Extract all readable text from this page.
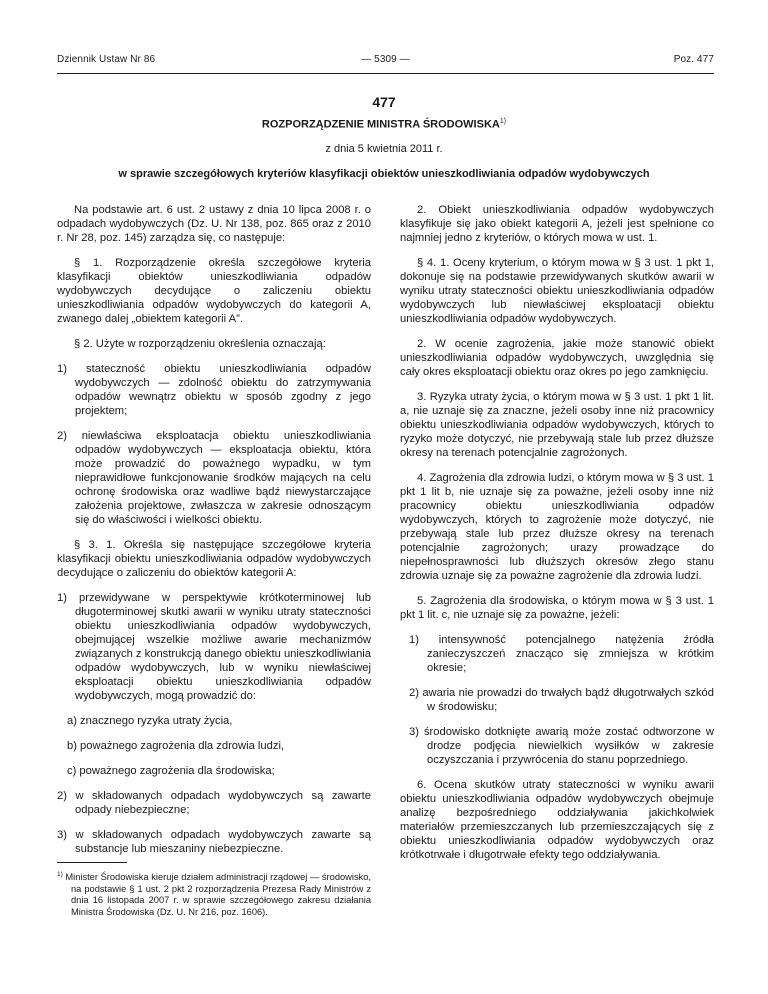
Dziennik Ustaw Nr 86	— 5309 —	Poz. 477
477
ROZPORZĄDZENIE MINISTRA ŚRODOWISKA$^{1)}$
z dnia 5 kwietnia 2011 r.
w sprawie szczegółowych kryteriów klasyfikacji obiektów unieszkodliwiania odpadów wydobywczych

Na podstawie art. 6 ust. 2 ustawy z dnia 10 lipca 2008 r. o odpadach wydobywczych (Dz. U. Nr 138, poz. 865 oraz z 2010 r. Nr 28, poz. 145) zarządza się, co następuje:

§ 1. Rozporządzenie określa szczegółowe kryteria klasyfikacji obiektów unieszkodliwiania odpadów wydobywczych decydujące o zaliczeniu obiektu unieszkodliwiania odpadów wydobywczych do kategorii A, zwanego dalej „obiektem kategorii A”.

§ 2. Użyte w rozporządzeniu określenia oznaczają:

1) stateczność obiektu unieszkodliwiania odpadów wydobywczych — zdolność obiektu do zatrzymywania odpadów wewnątrz obiektu w sposób zgodny z jego projektem;

2) niewłaściwa eksploatacja obiektu unieszkodliwiania odpadów wydobywczych — eksploatacja obiektu, która może prowadzić do poważnego wypadku, w tym nieprawidłowe funkcjonowanie środków mających na celu ochronę środowiska oraz wadliwe bądź niewystarczające założenia projektowe, zwłaszcza w zakresie odnoszącym się do właściwości i wielkości obiektu.

§ 3. 1. Określa się następujące szczegółowe kryteria klasyfikacji obiektu unieszkodliwiania odpadów wydobywczych decydujące o zaliczeniu do obiektów kategorii A:

1) przewidywane w perspektywie krótkoterminowej lub długoterminowej skutki awarii w wyniku utraty stateczności obiektu unieszkodliwiania odpadów wydobywczych, obejmującej wszelkie możliwe awarie mechanizmów związanych z konstrukcją danego obiektu unieszkodliwiania odpadów wydobywczych, lub w wyniku niewłaściwej eksploatacji obiektu unieszkodliwiania odpadów wydobywczych, mogą prowadzić do:

a) znacznego ryzyka utraty życia,

b) poważnego zagrożenia dla zdrowia ludzi,

c) poważnego zagrożenia dla środowiska;

2) w składowanych odpadach wydobywczych są zawarte odpady niebezpieczne;

3) w składowanych odpadach wydobywczych zawarte są substancje lub mieszaniny niebezpieczne.

$^{1)}$ Minister Środowiska kieruje działem administracji rządowej — środowisko, na podstawie § 1 ust. 2 pkt 2 rozporządzenia Prezesa Rady Ministrów z dnia 16 listopada 2007 r. w sprawie szczegółowego zakresu działania Ministra Środowiska (Dz. U. Nr 216, poz. 1606).

2. Obiekt unieszkodliwiania odpadów wydobywczych klasyfikuje się jako obiekt kategorii A, jeżeli jest spełnione co najmniej jedno z kryteriów, o których mowa w ust. 1.

§ 4. 1. Oceny kryterium, o którym mowa w § 3 ust. 1 pkt 1, dokonuje się na podstawie przewidywanych skutków awarii w wyniku utraty stateczności obiektu unieszkodliwiania odpadów wydobywczych lub niewłaściwej eksploatacji obiektu unieszkodliwiania odpadów wydobywczych.

2. W ocenie zagrożenia, jakie może stanowić obiekt unieszkodliwiania odpadów wydobywczych, uwzględnia się cały okres eksploatacji obiektu oraz okres po jego zamknięciu.

3. Ryzyka utraty życia, o którym mowa w § 3 ust. 1 pkt 1 lit. a, nie uznaje się za znaczne, jeżeli osoby inne niż pracownicy obiektu unieszkodliwiania odpadów wydobywczych, których to ryzyko może dotyczyć, nie przebywają stale lub przez dłuższe okresy na terenach potencjalnie zagrożonych.

4. Zagrożenia dla zdrowia ludzi, o którym mowa w § 3 ust. 1 pkt 1 lit b, nie uznaje się za poważne, jeżeli osoby inne niż pracownicy obiektu unieszkodliwiania odpadów wydobywczych, których to zagrożenie może dotyczyć, nie przebywają stale lub przez dłuższe okresy na terenach potencjalnie zagrożonych; urazy prowadzące do niepełnosprawności lub dłuższych okresów złego stanu zdrowia uznaje się za poważne zagrożenie dla zdrowia ludzi.

5. Zagrożenia dla środowiska, o którym mowa w § 3 ust. 1 pkt 1 lit. c, nie uznaje się za poważne, jeżeli:

1) intensywność potencjalnego natężenia źródła zanieczyszczeń znacząco się zmniejsza w krótkim okresie;

2) awaria nie prowadzi do trwałych bądź długotrwałych szkód w środowisku;

3) środowisko dotknięte awarią może zostać odtworzone w drodze podjęcia niewielkich wysiłków w zakresie oczyszczania i przywrócenia do stanu poprzedniego.

6. Ocena skutków utraty stateczności w wyniku awarii obiektu unieszkodliwiania odpadów wydobywczych obejmuje analizę bezpośredniego oddziaływania jakichkolwiek materiałów przemieszczanych lub przemieszczających się z obiektu unieszkodliwiania odpadów wydobywczych oraz krótkotrwałe i długotrwałe efekty tego oddziaływania.
